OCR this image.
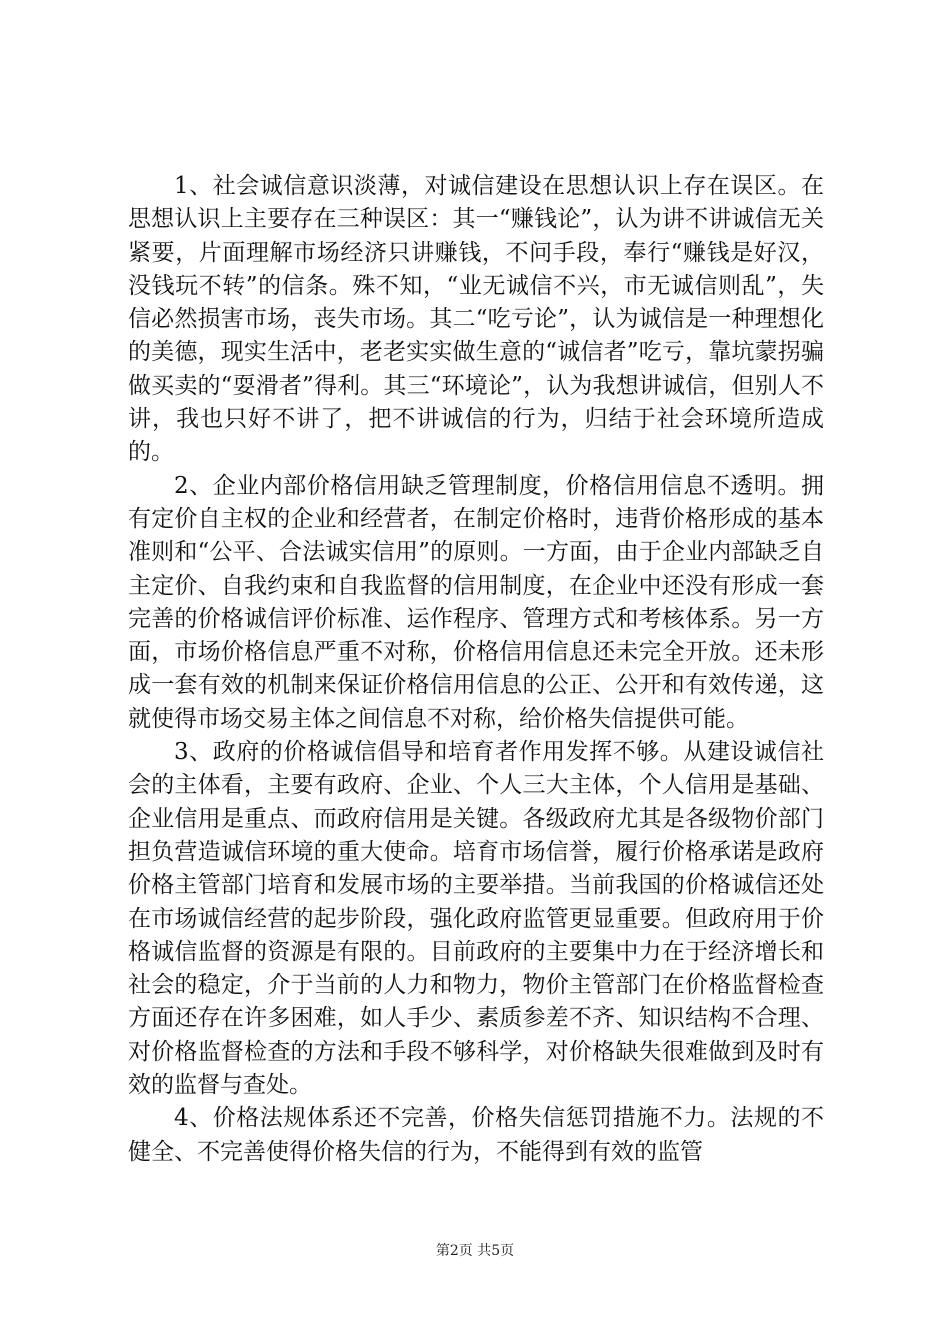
1、社会诚信意识淡薄，对诚信建设在思想认识上存在误区。在思想认识上主要存在三种误区：其一“赚钱论”，认为讲不讲诚信无关紧要，片面理解市场经济只讲赚钱，不问手段，奉行“赚钱是好汉，没钱玩不转”的信条。殊不知，“业无诚信不兴，市无诚信则乱”，失信必然损害市场，丧失市场。其二“吃亏论”，认为诚信是一种理想化的美德，现实生活中，老老实实做生意的“诚信者”吃亏，靠坑蒙拐骗做买卖的“耍滑者”得利。其三“环境论”，认为我想讲诚信，但别人不讲，我也只好不讲了，把不讲诚信的行为，归结于社会环境所造成的。

2、企业内部价格信用缺乏管理制度，价格信用信息不透明。拥有定价自主权的企业和经营者，在制定价格时，违背价格形成的基本准则和“公平、合法诚实信用”的原则。一方面，由于企业内部缺乏自主定价、自我约束和自我监督的信用制度，在企业中还没有形成一套完善的价格诚信评价标准、运作程序、管理方式和考核体系。另一方面，市场价格信息严重不对称，价格信用信息还未完全开放。还未形成一套有效的机制来保证价格信用信息的公正、公开和有效传递，这就使得市场交易主体之间信息不对称，给价格失信提供可能。

3、政府的价格诚信倡导和培育者作用发挥不够。从建设诚信社会的主体看，主要有政府、企业、个人三大主体，个人信用是基础、企业信用是重点、而政府信用是关键。各级政府尤其是各级物价部门担负营造诚信环境的重大使命。培育市场信誉，履行价格承诺是政府价格主管部门培育和发展市场的主要举措。当前我国的价格诚信还处在市场诚信经营的起步阶段，强化政府监管更显重要。但政府用于价格诚信监督的资源是有限的。目前政府的主要集中力在于经济增长和社会的稳定，介于当前的人力和物力，物价主管部门在价格监督检查方面还存在许多困难，如人手少、素质参差不齐、知识结构不合理、对价格监督检查的方法和手段不够科学，对价格缺失很难做到及时有效的监督与查处。

4、价格法规体系还不完善，价格失信惩罚措施不力。法规的不健全、不完善使得价格失信的行为，不能得到有效的监管

第2页 共5页
